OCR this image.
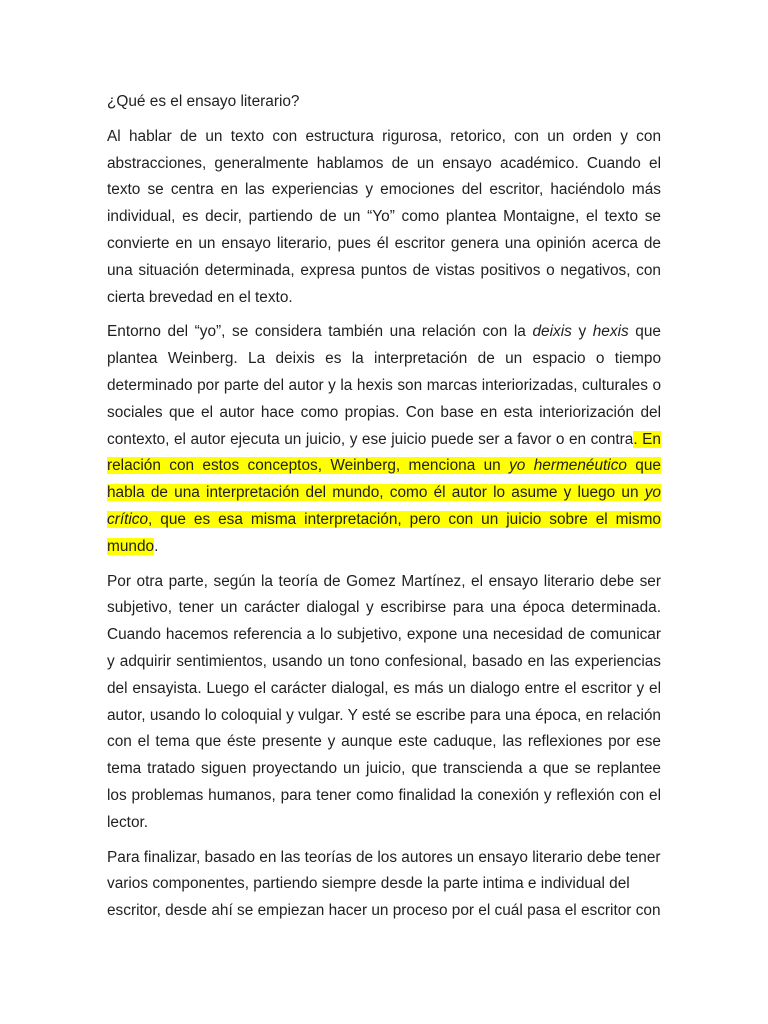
¿Qué es el ensayo literario?

Al hablar de un texto con estructura rigurosa, retorico, con un orden y con abstracciones, generalmente hablamos de un ensayo académico. Cuando el texto se centra en las experiencias y emociones del escritor, haciéndolo más individual, es decir, partiendo de un “Yo” como plantea Montaigne, el texto se convierte en un ensayo literario, pues él escritor genera una opinión acerca de una situación determinada, expresa puntos de vistas positivos o negativos, con cierta brevedad en el texto.

Entorno del “yo”, se considera también una relación con la deixis y hexis que plantea Weinberg. La deixis es la interpretación de un espacio o tiempo determinado por parte del autor y la hexis son marcas interiorizadas, culturales o sociales que el autor hace como propias. Con base en esta interiorización del contexto, el autor ejecuta un juicio, y ese juicio puede ser a favor o en contra. En relación con estos conceptos, Weinberg, menciona un yo hermenéutico que habla de una interpretación del mundo, como él autor lo asume y luego un yo crítico, que es esa misma interpretación, pero con un juicio sobre el mismo mundo.

Por otra parte, según la teoría de Gomez Martínez, el ensayo literario debe ser subjetivo, tener un carácter dialogal y escribirse para una época determinada. Cuando hacemos referencia a lo subjetivo, expone una necesidad de comunicar y adquirir sentimientos, usando un tono confesional, basado en las experiencias del ensayista. Luego el carácter dialogal, es más un dialogo entre el escritor y el autor, usando lo coloquial y vulgar. Y esté se escribe para una época, en relación con el tema que éste presente y aunque este caduque, las reflexiones por ese tema tratado siguen proyectando un juicio, que transcienda a que se replantee los problemas humanos, para tener como finalidad la conexión y reflexión con el lector.

Para finalizar, basado en las teorías de los autores un ensayo literario debe tener varios componentes, partiendo siempre desde la parte intima e individual del escritor, desde ahí se empiezan hacer un proceso por el cuál pasa el escritor con
